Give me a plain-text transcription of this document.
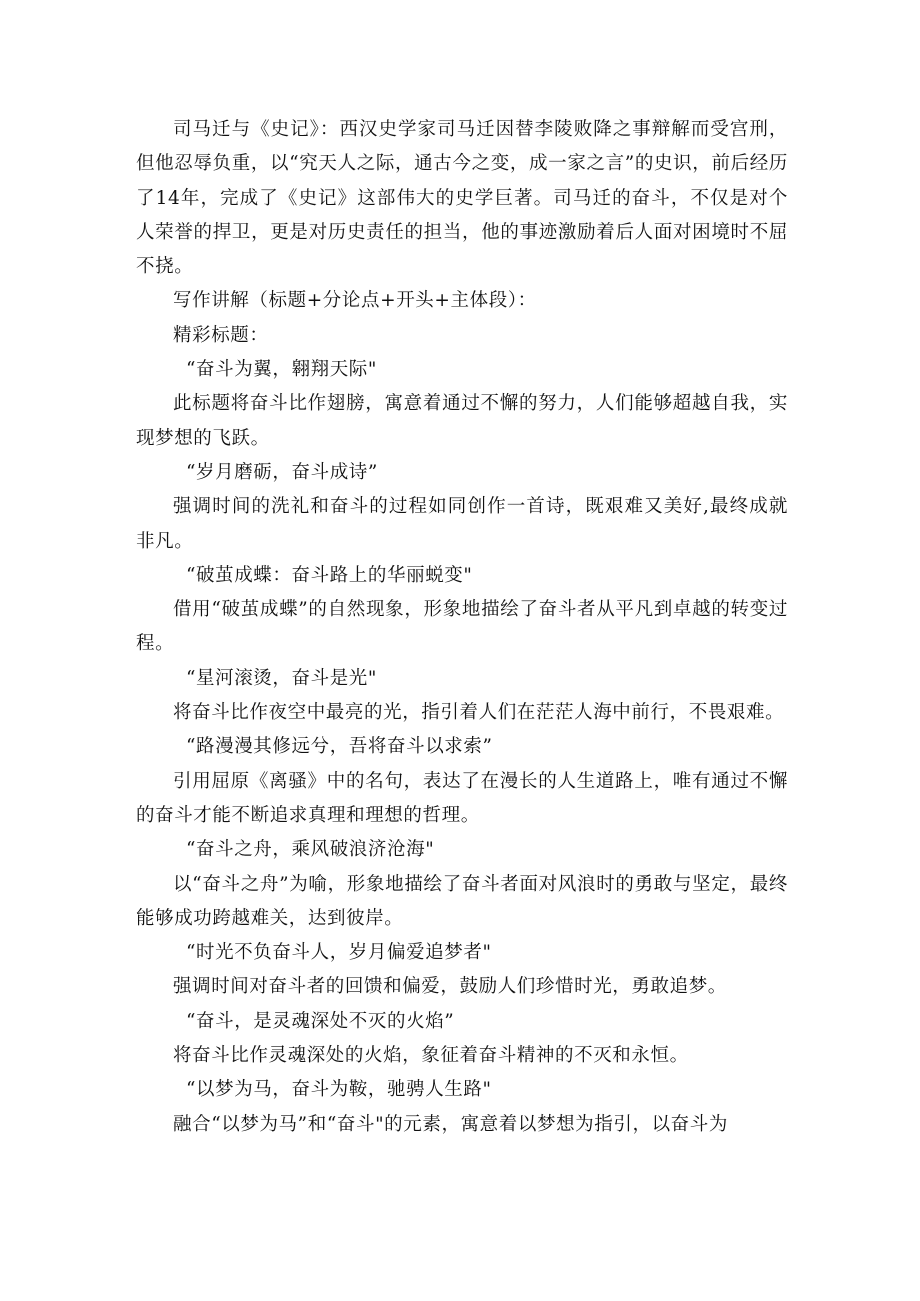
司马迁与《史记》：西汉史学家司马迁因替李陵败降之事辩解而受宫刑，但他忍辱负重，以“究天人之际，通古今之变，成一家之言”的史识，前后经历了14年，完成了《史记》这部伟大的史学巨著。司马迁的奋斗，不仅是对个人荣誉的捍卫，更是对历史责任的担当，他的事迹激励着后人面对困境时不屈不挠。

写作讲解（标题+分论点+开头+主体段）：

精彩标题：

“奋斗为翼，翱翔天际"

此标题将奋斗比作翅膀，寓意着通过不懈的努力，人们能够超越自我，实现梦想的飞跃。

“岁月磨砺，奋斗成诗”

强调时间的洗礼和奋斗的过程如同创作一首诗，既艰难又美好,最终成就非凡。

“破茧成蝶：奋斗路上的华丽蜕变"

借用“破茧成蝶”的自然现象，形象地描绘了奋斗者从平凡到卓越的转变过程。

“星河滚烫，奋斗是光"

将奋斗比作夜空中最亮的光，指引着人们在茫茫人海中前行，不畏艰难。

“路漫漫其修远兮，吾将奋斗以求索”

引用屈原《离骚》中的名句，表达了在漫长的人生道路上，唯有通过不懈的奋斗才能不断追求真理和理想的哲理。

“奋斗之舟，乘风破浪济沧海"

以“奋斗之舟”为喻，形象地描绘了奋斗者面对风浪时的勇敢与坚定，最终能够成功跨越难关，达到彼岸。

“时光不负奋斗人，岁月偏爱追梦者"

强调时间对奋斗者的回馈和偏爱，鼓励人们珍惜时光，勇敢追梦。

“奋斗，是灵魂深处不灭的火焰”

将奋斗比作灵魂深处的火焰，象征着奋斗精神的不灭和永恒。

“以梦为马，奋斗为鞍，驰骋人生路"

融合“以梦为马”和“奋斗"的元素，寓意着以梦想为指引，以奋斗为
